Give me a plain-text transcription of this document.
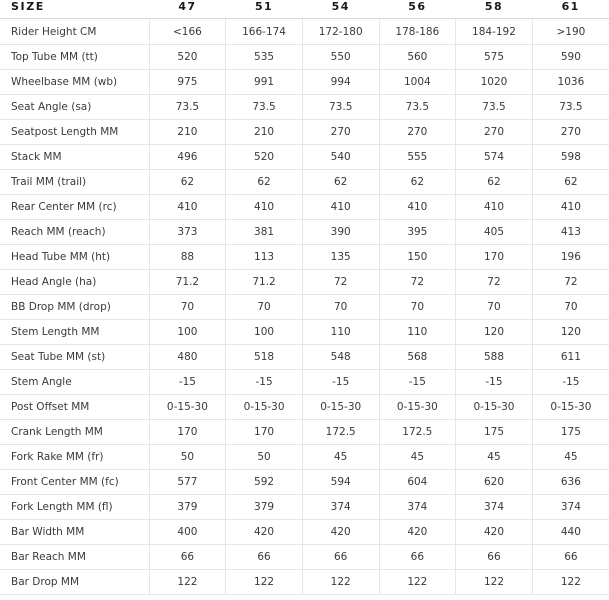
SIZE	47	51	54	56	58	61
Rider Height CM	<166	166-174	172-180	178-186	184-192	>190
Top Tube MM (tt)	520	535	550	560	575	590
Wheelbase MM (wb)	975	991	994	1004	1020	1036
Seat Angle (sa)	73.5	73.5	73.5	73.5	73.5	73.5
Seatpost Length MM	210	210	270	270	270	270
Stack MM	496	520	540	555	574	598
Trail MM (trail)	62	62	62	62	62	62
Rear Center MM (rc)	410	410	410	410	410	410
Reach MM (reach)	373	381	390	395	405	413
Head Tube MM (ht)	88	113	135	150	170	196
Head Angle (ha)	71.2	71.2	72	72	72	72
BB Drop MM (drop)	70	70	70	70	70	70
Stem Length MM	100	100	110	110	120	120
Seat Tube MM (st)	480	518	548	568	588	611
Stem Angle	-15	-15	-15	-15	-15	-15
Post Offset MM	0-15-30	0-15-30	0-15-30	0-15-30	0-15-30	0-15-30
Crank Length MM	170	170	172.5	172.5	175	175
Fork Rake MM (fr)	50	50	45	45	45	45
Front Center MM (fc)	577	592	594	604	620	636
Fork Length MM (fl)	379	379	374	374	374	374
Bar Width MM	400	420	420	420	420	440
Bar Reach MM	66	66	66	66	66	66
Bar Drop MM	122	122	122	122	122	122
